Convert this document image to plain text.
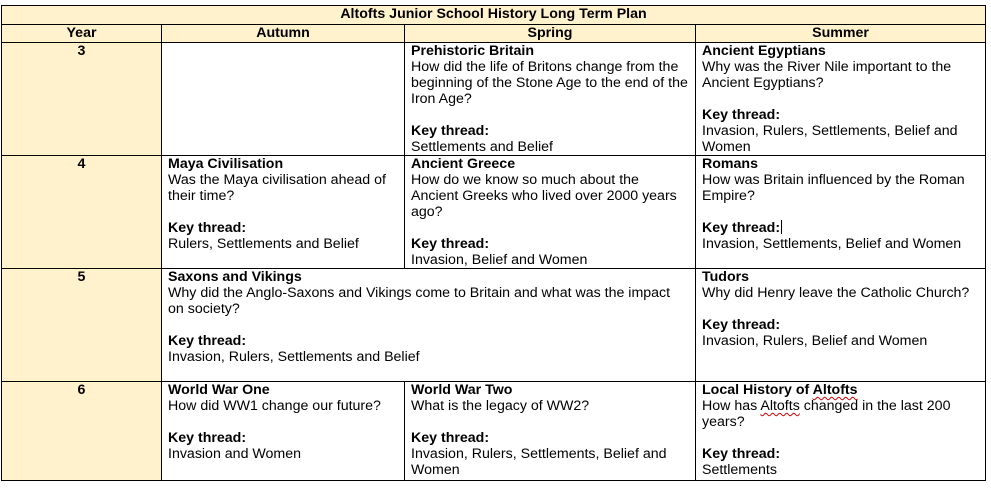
Altofts Junior School History Long Term Plan			
Year	Autumn	Spring	Summer
3		Prehistoric Britain
How did the life of Britons change from the beginning of the Stone Age to the end of the Iron Age?
Key thread:
Settlements and Belief	Ancient Egyptians
Why was the River Nile important to the Ancient Egyptians?
Key thread:
Invasion, Rulers, Settlements, Belief and Women

4	Maya Civilisation
Was the Maya civilisation ahead of their time?
Key thread:
Rulers, Settlements and Belief	Ancient Greece
How do we know so much about the Ancient Greeks who lived over 2000 years ago?
Key thread:
Invasion, Belief and Women	Romans
How was Britain influenced by the Roman Empire?
Key thread:
Invasion, Settlements, Belief and Women

5	Saxons and Vikings
Why did the Anglo-Saxons and Vikings come to Britain and what was the impact on society?
Key thread:
Invasion, Rulers, Settlements and Belief		Tudors
Why did Henry leave the Catholic Church?
Key thread:
Invasion, Rulers, Belief and Women

6	World War One
How did WW1 change our future?
Key thread:
Invasion and Women	World War Two
What is the legacy of WW2?
Key thread:
Invasion, Rulers, Settlements, Belief and Women	Local History of Altofts
How has Altofts changed in the last 200 years?
Key thread:
Settlements
